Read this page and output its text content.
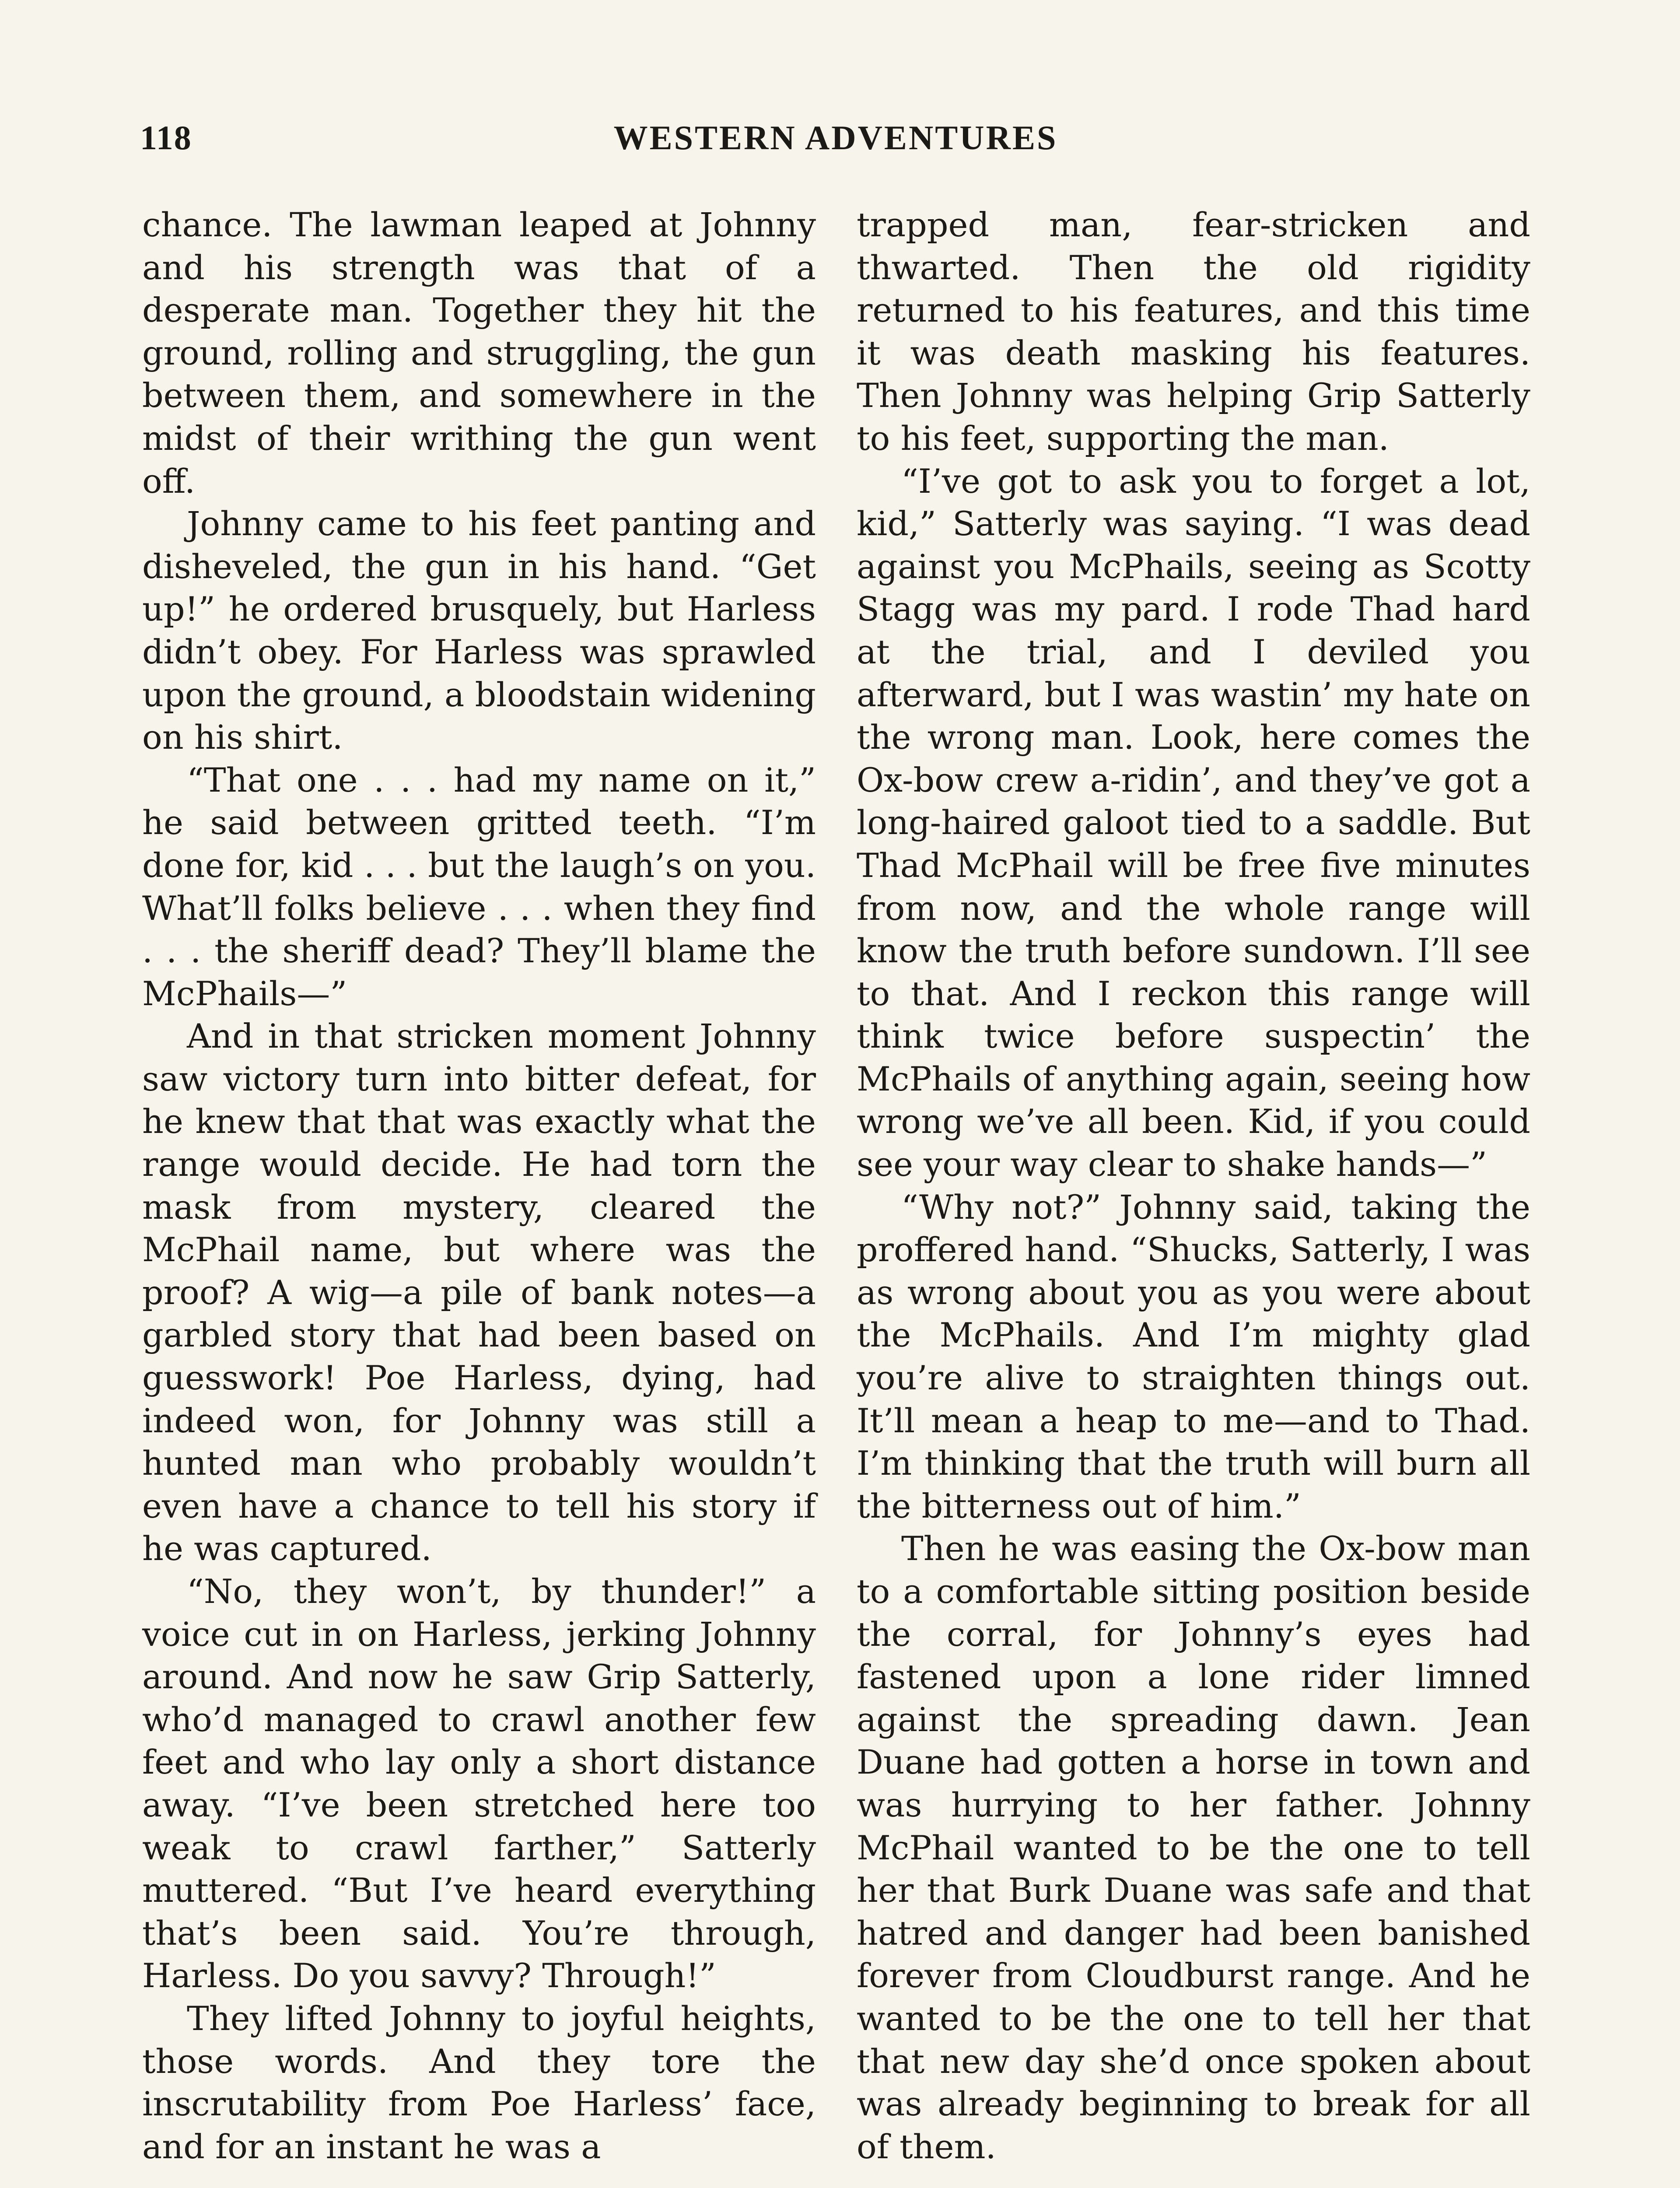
118	WESTERN ADVENTURES

chance. The lawman leaped at Johnny and his strength was that of a desperate man. Together they hit the ground, rolling and struggling, the gun between them, and somewhere in the midst of their writhing the gun went off.

Johnny came to his feet panting and disheveled, the gun in his hand. “Get up!” he ordered brusquely, but Harless didn’t obey. For Harless was sprawled upon the ground, a bloodstain widening on his shirt.

“That one . . . had my name on it,” he said between gritted teeth. “I’m done for, kid . . . but the laugh’s on you. What’ll folks believe . . . when they find . . . the sheriff dead? They’ll blame the McPhails—”

And in that stricken moment Johnny saw victory turn into bitter defeat, for he knew that that was exactly what the range would decide. He had torn the mask from mystery, cleared the McPhail name, but where was the proof? A wig—a pile of bank notes—a garbled story that had been based on guesswork! Poe Harless, dying, had indeed won, for Johnny was still a hunted man who probably wouldn’t even have a chance to tell his story if he was captured.

“No, they won’t, by thunder!” a voice cut in on Harless, jerking Johnny around. And now he saw Grip Satterly, who’d managed to crawl another few feet and who lay only a short distance away. “I’ve been stretched here too weak to crawl farther,” Satterly muttered. “But I’ve heard everything that’s been said. You’re through, Harless. Do you savvy? Through!”

They lifted Johnny to joyful heights, those words. And they tore the inscrutability from Poe Harless’ face, and for an instant he was a

trapped man, fear-stricken and thwarted. Then the old rigidity returned to his features, and this time it was death masking his features. Then Johnny was helping Grip Satterly to his feet, supporting the man.

“I’ve got to ask you to forget a lot, kid,” Satterly was saying. “I was dead against you McPhails, seeing as Scotty Stagg was my pard. I rode Thad hard at the trial, and I deviled you afterward, but I was wastin’ my hate on the wrong man. Look, here comes the Ox-bow crew a-ridin’, and they’ve got a long-haired galoot tied to a saddle. But Thad McPhail will be free five minutes from now, and the whole range will know the truth before sundown. I’ll see to that. And I reckon this range will think twice before suspectin’ the McPhails of anything again, seeing how wrong we’ve all been. Kid, if you could see your way clear to shake hands—”

“Why not?” Johnny said, taking the proffered hand. “Shucks, Satterly, I was as wrong about you as you were about the McPhails. And I’m mighty glad you’re alive to straighten things out. It’ll mean a heap to me—and to Thad. I’m thinking that the truth will burn all the bitterness out of him.”

Then he was easing the Ox-bow man to a comfortable sitting position beside the corral, for Johnny’s eyes had fastened upon a lone rider limned against the spreading dawn. Jean Duane had gotten a horse in town and was hurrying to her father. Johnny McPhail wanted to be the one to tell her that Burk Duane was safe and that hatred and danger had been banished forever from Cloudburst range. And he wanted to be the one to tell her that that new day she’d once spoken about was already beginning to break for all of them.
